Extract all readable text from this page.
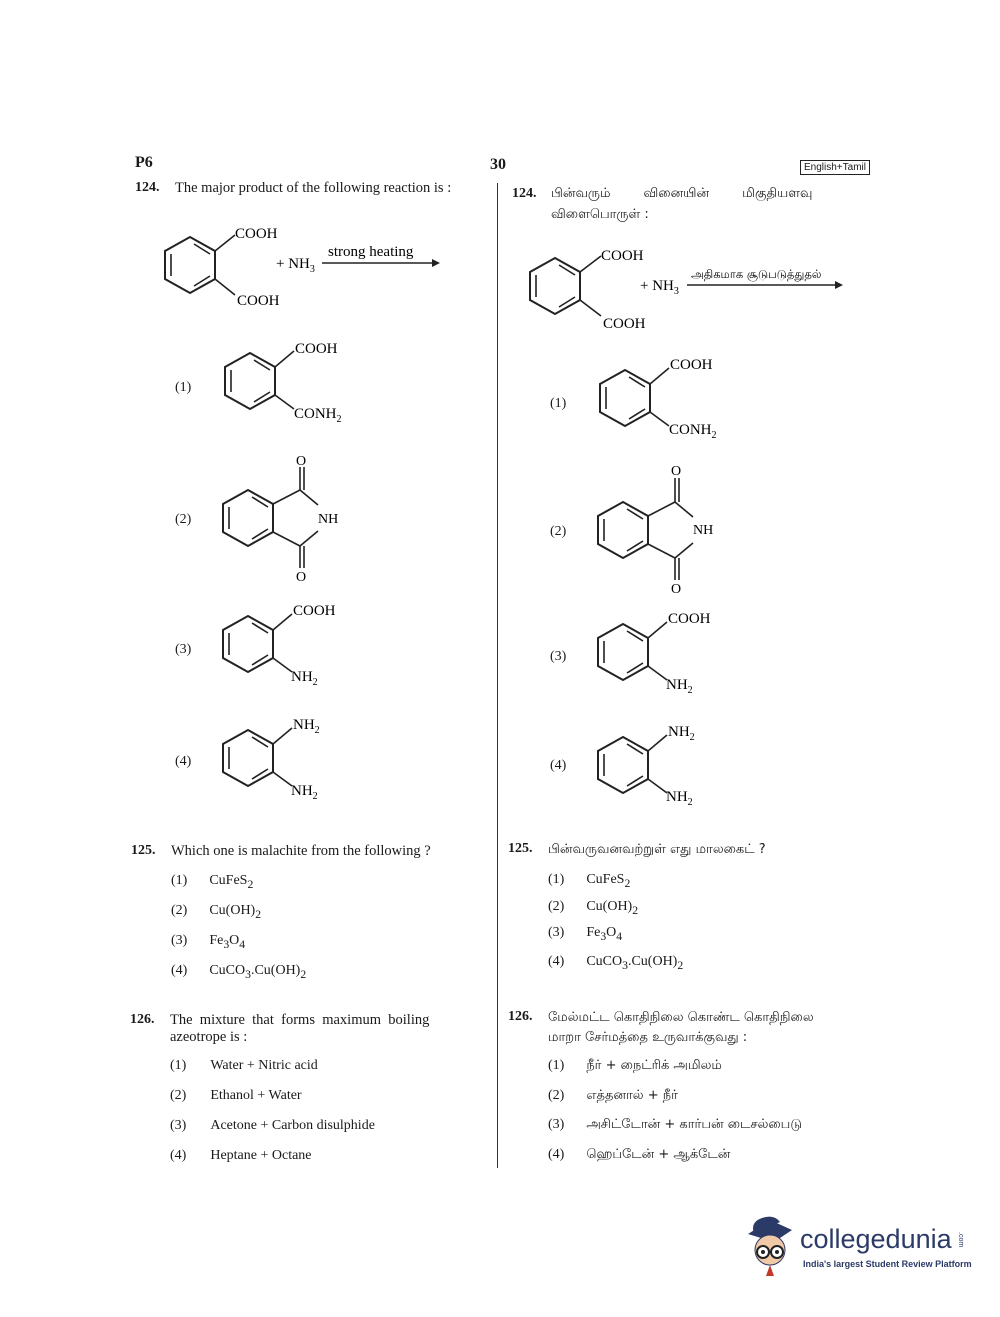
P6	30	English+Tamil
124. The major product of the following reaction is :
COOH
COOH
+ $NH_3$
strong heating
(1)
COOH
$CONH_2$
(2)
O
NH
O
(3)
COOH
$NH_2$
(4)
$NH_2$
$NH_2$
125. Which one is malachite from the following ?
(1) CuFeS$_2$
(2) $Cu(OH)_2$
(3) $Fe_3O_4$
(4) $CuCO_3.Cu(OH)_2$
126. The  mixture  that  forms  maximum  boiling
azeotrope is :
(1) Water + Nitric acid
(2) Ethanol + Water
(3) Acetone + Carbon disulphide
(4) Heptane + Octane
124. பின்வரும்        வினையின்        மிகுதியளவு
விளைபொருள் :
COOH
COOH
+ $NH_3$
அதிகமாக சூடுபடுத்துதல்
(1)
COOH
$CONH_2$
(2)
O
NH
O
(3)
COOH
$NH_2$
(4)
$NH_2$
$NH_2$
125. பின்வருவனவற்றுள் எது மாலகைட் ?
(1) CuFeS$_2$
(2) $Cu(OH)_2$
(3) $Fe_3O_4$
(4) $CuCO_3.Cu(OH)_2$
126. மேல்மட்ட கொதிநிலை கொண்ட கொதிநிலை
மாறா சேர்மத்தை உருவாக்குவது :
(1) நீர் + நைட்ரிக் அமிலம்
(2) எத்தனால் + நீர்
(3) அசிட்டோன் + கார்பன் டைசல்பைடு
(4) ஹெப்டேன் + ஆக்டேன்
collegedunia .com
India's largest Student Review Platform
